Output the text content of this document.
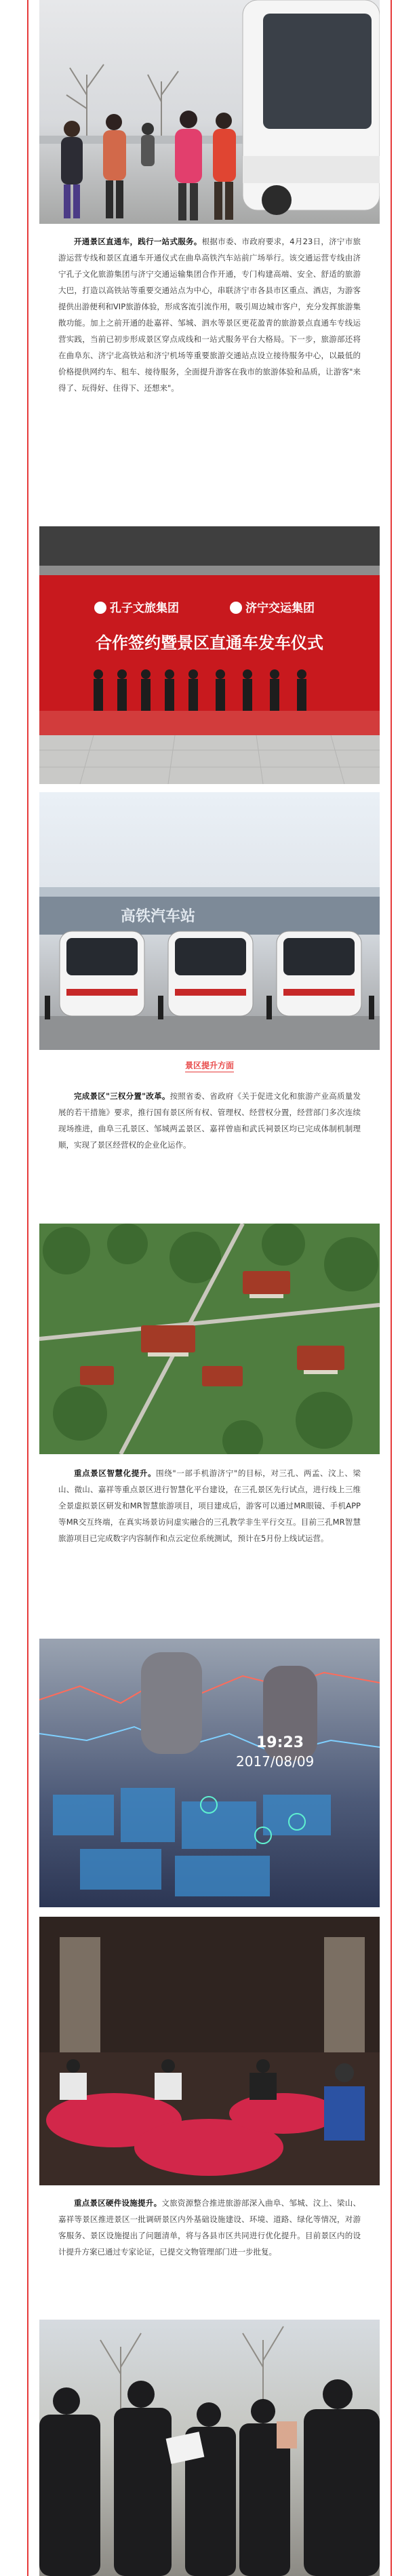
开通景区直通车，践行一站式服务。根据市委、市政府要求，4月23日，济宁市旅游运营专线和景区直通车开通仪式在曲阜高铁汽车站前广场举行。该交通运营专线由济宁孔子文化旅游集团与济宁交通运输集团合作开通，专门构建高端、安全、舒适的旅游大巴，打造以高铁站等重要交通站点为中心，串联济宁市各县市区重点、酒店，为游客提供出游便利和VIP旅游体验，形成客流引流作用，吸引周边城市客户，充分发挥旅游集散功能。加上之前开通的赴嘉祥、邹城、泗水等景区更花盈青的旅游景点直通车专线运营实践，当前已初步形成景区穿点成线和一站式服务平台大格局。下一步，旅游部还将在曲阜东、济宁北高铁站和济宁机场等重要旅游交通站点设立接待服务中心，以最低的价格提供网约车、租车、接待服务，全面提升游客在我市的旅游体验和品质，让游客"来得了、玩得好、住得下、还想来"。

孔子文旅集团	济宁交运集团
合作签约暨景区直通车发车仪式
高铁汽车站
景区提升方面

完成景区"三权分置"改革。按照省委、省政府《关于促进文化和旅游产业高质量发展的若干措施》要求，推行国有景区所有权、管理权、经营权分置，经营部门多次连续现场推进，曲阜三孔景区、邹城两孟景区、嘉祥曾庙和武氏祠景区均已完成体制机制理顺，实现了景区经营权的企业化运作。

重点景区智慧化提升。围绕"一部手机游济宁"的目标，对三孔、两孟、汶上、梁山、微山、嘉祥等重点景区进行智慧化平台建设，在三孔景区先行试点，进行线上三维全景虚拟景区研发和MR智慧旅游项目，项目建成后，游客可以通过MR眼镜、手机APP等MR交互终端，在真实场景访问虚实融合的三孔教学非生平行交互。目前三孔MR智慧旅游项目已完成数字内容制作和点云定位系统测试，预计在5月份上线试运营。

19:23
2017/08/09

重点景区硬件设施提升。文旅资源整合推进旅游部深入曲阜、邹城、汶上、梁山、嘉祥等景区推进景区一批调研景区内外基础设施建设、环境、道路、绿化等情况，对游客服务、景区设施提出了问题清单，将与各县市区共同进行优化提升。目前景区内的设计提升方案已通过专家论证，已提交文物管理部门进一步批复。
